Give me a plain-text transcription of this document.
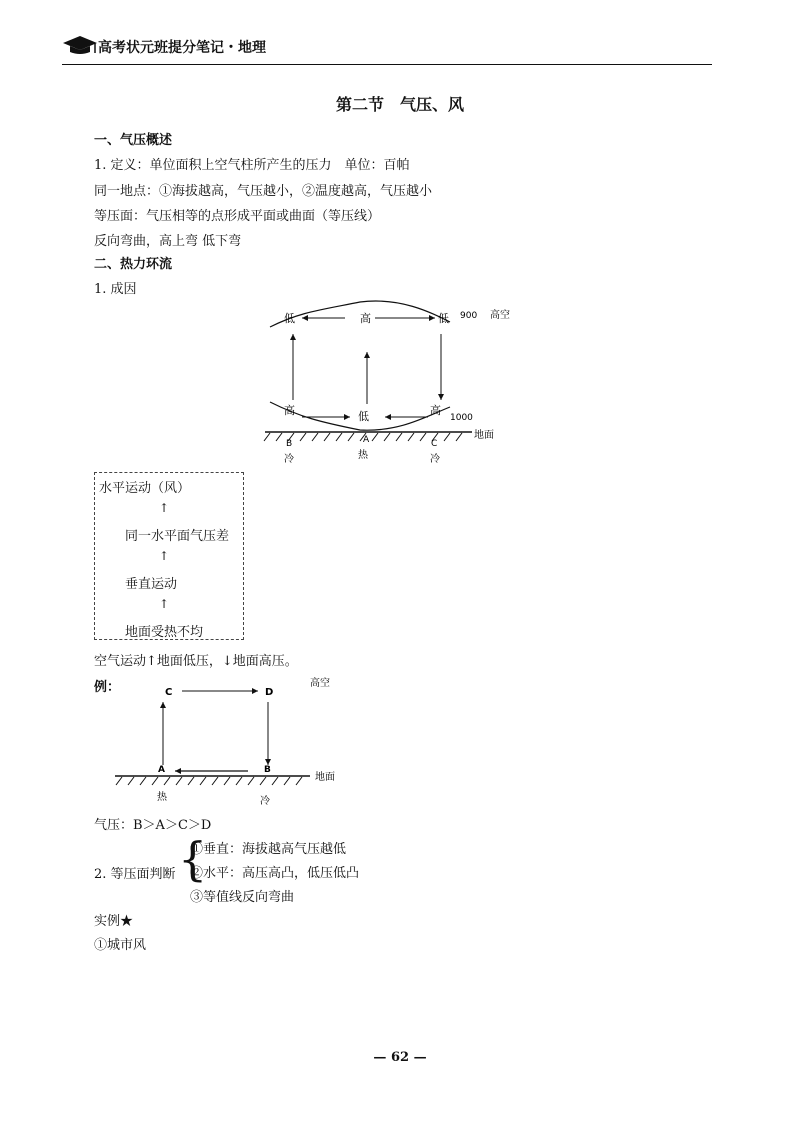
高考状元班提分笔记・地理
第二节　气压、风
一、气压概述
1. 定义：单位面积上空气柱所产生的压力　单位：百帕
同一地点：①海拔越高，气压越小，②温度越高，气压越小
等压面：气压相等的点形成平面或曲面（等压线）
反向弯曲，高上弯 低下弯
二、热力环流
1. 成因
低	高	低 900 高空
高	低	高
1000
地面
B	A	C
冷	热	冷
水平运动（风）
↑
同一水平面气压差
↑
垂直运动
↑
地面受热不均
空气运动↑地面低压，↓地面高压。
例：	C	D
高空
A	B
地面
热	冷
气压：B＞A＞C＞D
2. 等压面判断 {
①垂直：海拔越高气压越低
②水平：高压高凸，低压低凸
③等值线反向弯曲
实例★
①城市风
— 62 —
